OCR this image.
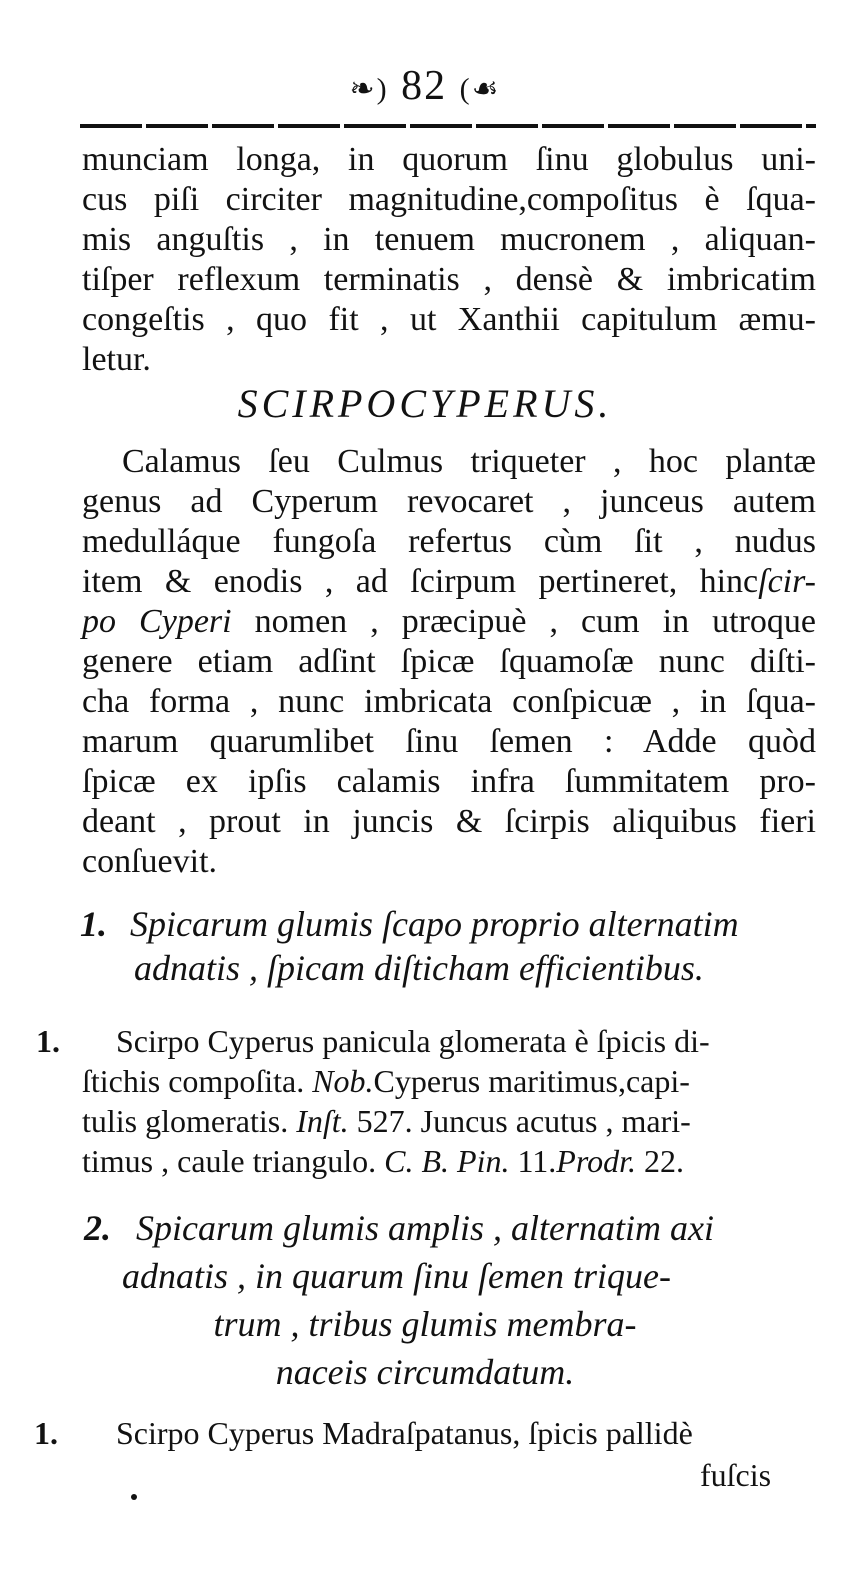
❧) 82 (☙
munciam longa, in quorum ſinu globulus uni-
cus piſi circiter magnitudine,compoſitus è ſqua-
mis anguſtis , in tenuem mucronem , aliquan-
tiſper reflexum terminatis , densè & imbricatim
congeſtis , quo fit , ut Xanthii capitulum æmu-
letur.
SCIRPOCYPERUS.
Calamus ſeu Culmus triqueter , hoc plantæ
genus ad Cyperum revocaret , junceus autem
medulláque fungoſa refertus cùm ſit , nudus
item & enodis , ad ſcirpum pertineret, hincſcir-
po Cyperi nomen , præcipuè , cum in utroque
genere etiam adſint ſpicæ ſquamoſæ nunc diſti-
cha forma , nunc imbricata conſpicuæ , in ſqua-
marum quarumlibet ſinu ſemen : Adde quòd
ſpicæ ex ipſis calamis infra ſummitatem pro-
deant , prout in juncis & ſcirpis aliquibus fieri
conſuevit.
1. Spicarum glumis ſcapo proprio alternatim
adnatis , ſpicam diſticham efficientibus.
1. Scirpo Cyperus panicula glomerata è ſpicis di-
ſtichis compoſita. Nob.Cyperus maritimus,capi-
tulis glomeratis. Inſt. 527. Juncus acutus , mari-
timus , caule triangulo. C. B. Pin. 11.Prodr. 22.
2. Spicarum glumis amplis , alternatim axi
adnatis , in quarum ſinu ſemen trique-
trum , tribus glumis membra-
naceis circumdatum.
1. Scirpo Cyperus Madraſpatanus, ſpicis pallidè
fuſcis
